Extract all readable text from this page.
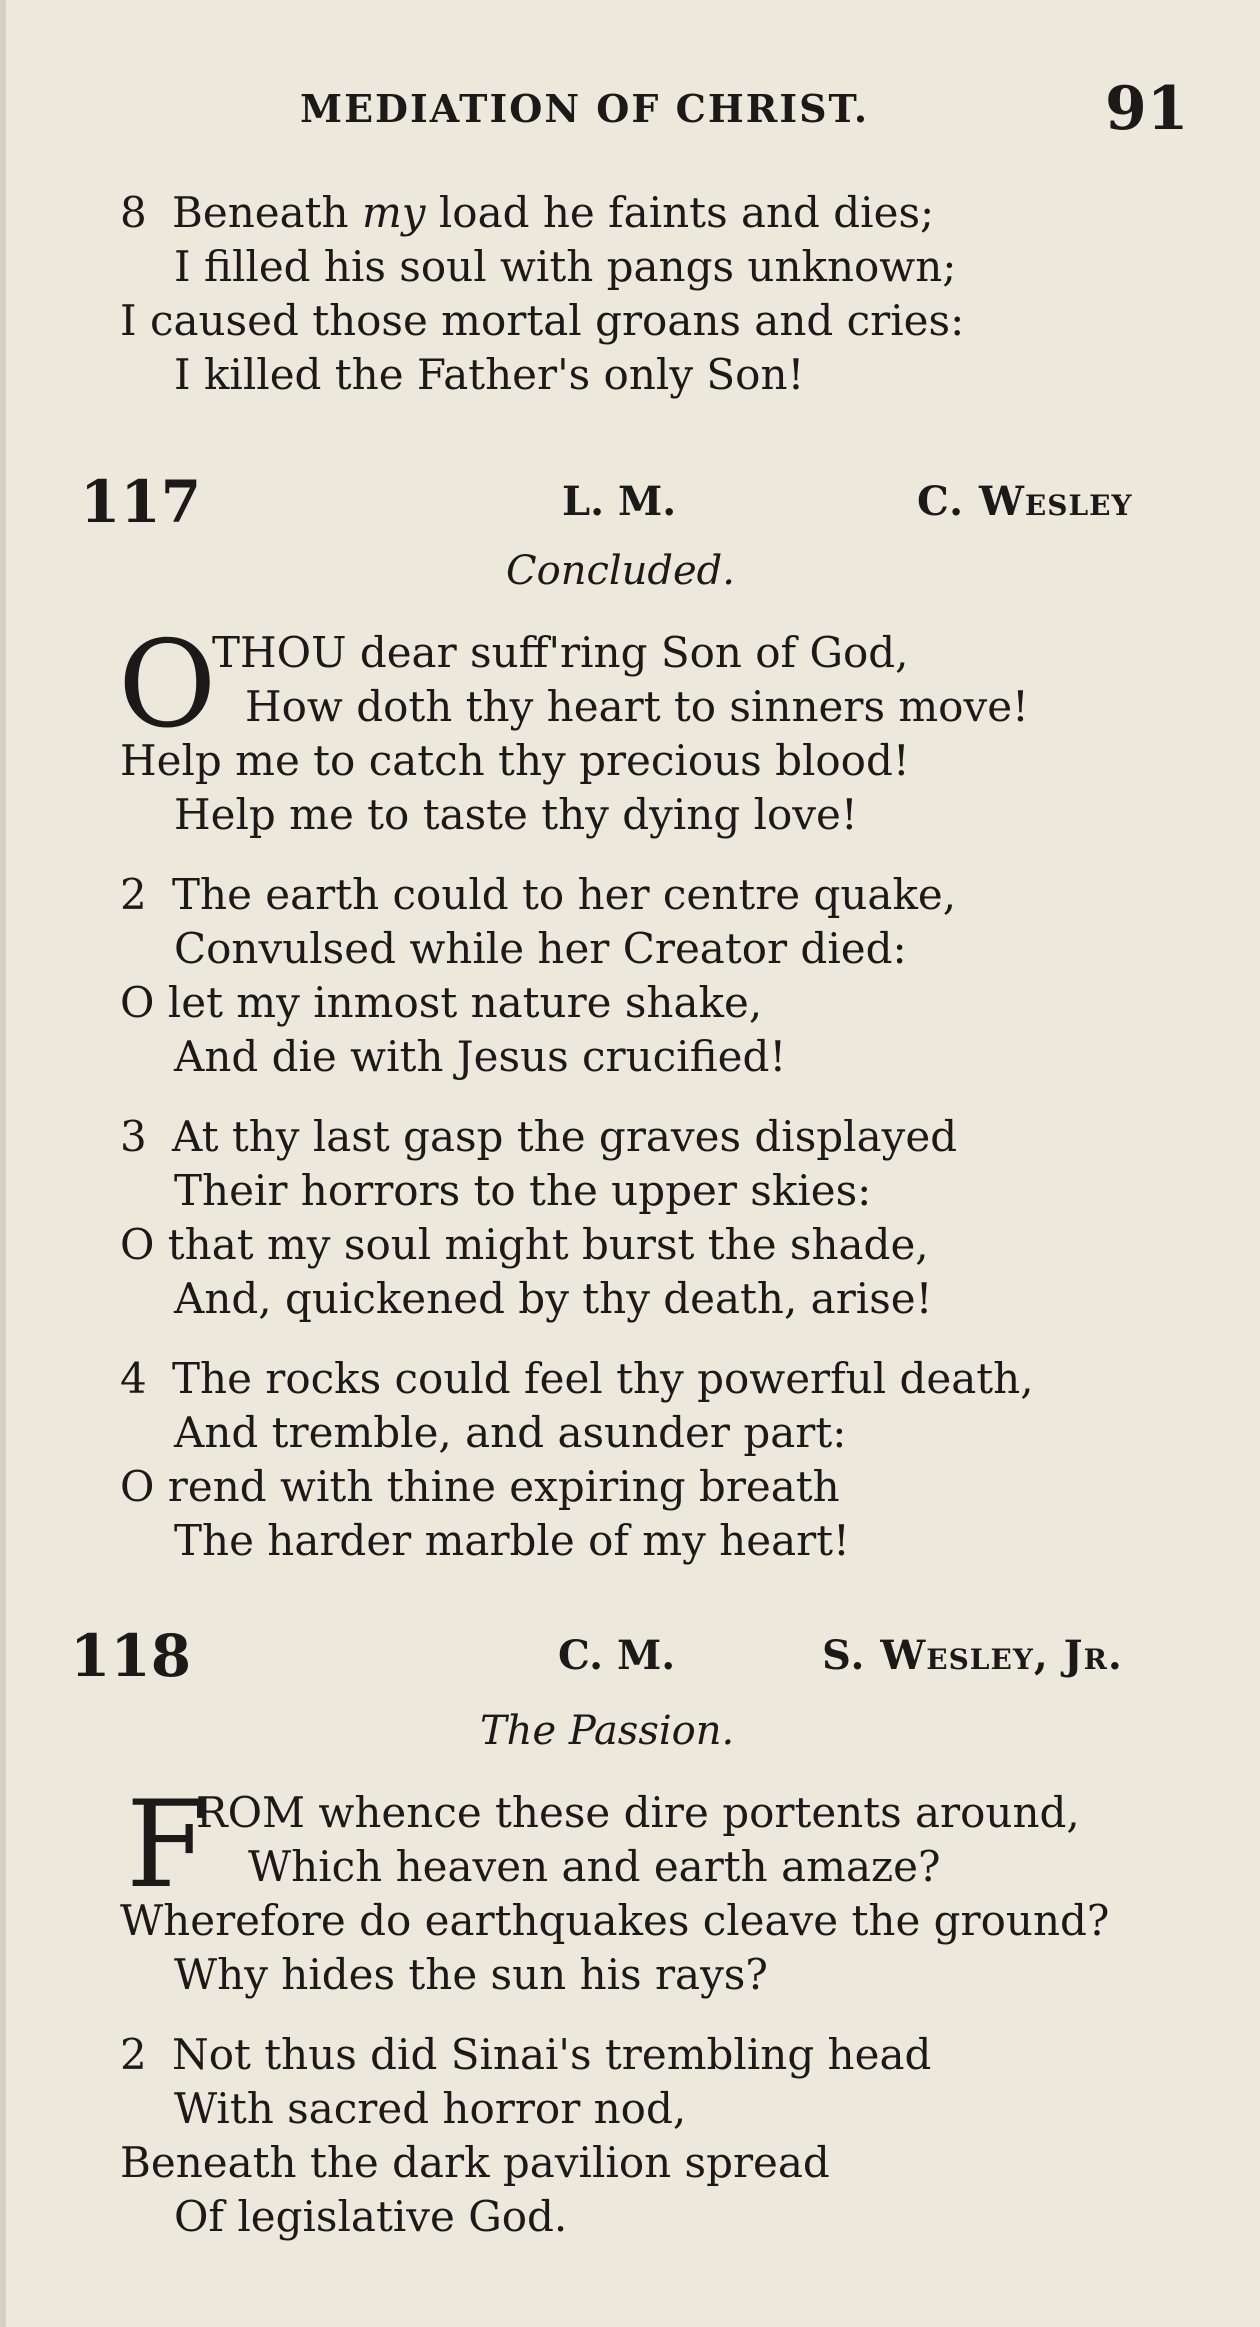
MEDIATION OF CHRIST.	91
8 Beneath my load he faints and dies;
I filled his soul with pangs unknown;
I caused those mortal groans and cries:
I killed the Father's only Son!
117	L. M.	C. Wesley
Concluded.
O
THOU dear suff'ring Son of God,
How doth thy heart to sinners move!
Help me to catch thy precious blood!
Help me to taste thy dying love!
2 The earth could to her centre quake,
Convulsed while her Creator died:
O let my inmost nature shake,
And die with Jesus crucified!
3 At thy last gasp the graves displayed
Their horrors to the upper skies:
O that my soul might burst the shade,
And, quickened by thy death, arise!
4 The rocks could feel thy powerful death,
And tremble, and asunder part:
O rend with thine expiring breath
The harder marble of my heart!
118	C. M.	S. Wesley, Jr.
The Passion.
F
ROM whence these dire portents around,
Which heaven and earth amaze?
Wherefore do earthquakes cleave the ground?
Why hides the sun his rays?
2 Not thus did Sinai's trembling head
With sacred horror nod,
Beneath the dark pavilion spread
Of legislative God.
